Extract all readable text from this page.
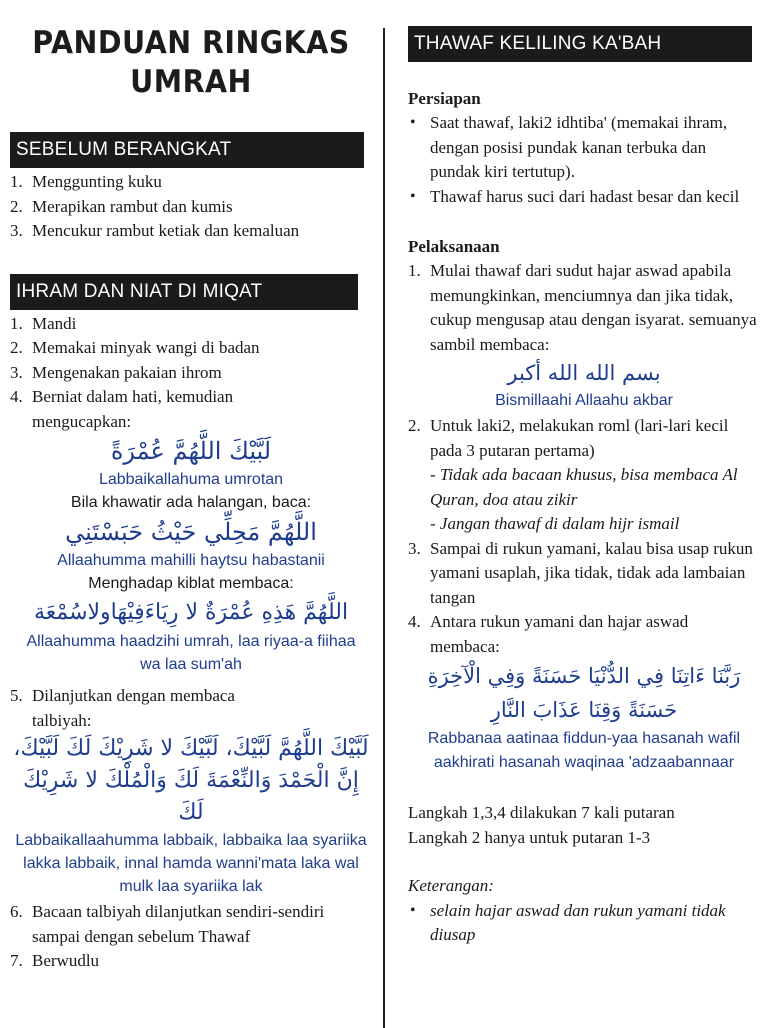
PANDUAN RINGKAS
UMRAH
SEBELUM BERANGKAT
1. Menggunting kuku
2. Merapikan rambut dan kumis
3. Mencukur rambut ketiak dan kemaluan
IHRAM DAN NIAT DI MIQAT
1. Mandi
2. Memakai minyak wangi di badan
3. Mengenakan pakaian ihrom
4. Berniat dalam hati, kemudian mengucapkan:
لَبَّيْكَ اللَّهُمَّ عُمْرَةً
Labbaikallahuma umrotan
Bila khawatir ada halangan, baca:
اللَّهُمَّ مَحِلِّي حَيْثُ حَبَسْتَنِي
Allaahumma mahilli haytsu habastanii
Menghadap kiblat membaca:
اللَّهُمَّ هَذِهِ عُمْرَةٌ لا رِيَاءَفِيْهَاولاسُمْعَة
Allaahumma haadzihi umrah, laa riyaa-a fiihaa wa laa sum'ah
5. Dilanjutkan dengan membaca talbiyah:
لَبَّيْكَ اللَّهُمَّ لَبَّيْكَ، لَبَّيْكَ لا شَرِيْكَ لَكَ لَبَّيْكَ، إِنَّ الْحَمْدَ وَالنِّعْمَةَ لَكَ وَالْمُلْكَ لا شَرِيْكَ لَكَ
Labbaikallaahumma labbaik, labbaika laa syariika lakka labbaik, innal hamda wanni'mata laka wal mulk laa syariika lak
6. Bacaan talbiyah dilanjutkan sendiri-sendiri sampai dengan sebelum Thawaf
7. Berwudlu
THAWAF KELILING KA'BAH
Persiapan
• Saat thawaf, laki2 idhtiba' (memakai ihram, dengan posisi pundak kanan terbuka dan pundak kiri tertutup).
• Thawaf harus suci dari hadast besar dan kecil
Pelaksanaan
1. Mulai thawaf dari sudut hajar aswad apabila memungkinkan, menciumnya dan jika tidak, cukup mengusap atau dengan isyarat. semuanya sambil membaca:
بسم الله الله أكبر
Bismillaahi Allaahu akbar
2. Untuk laki2, melakukan roml (lari-lari kecil pada 3 putaran pertama)
- Tidak ada bacaan khusus, bisa membaca Al Quran, doa atau zikir
- Jangan thawaf di dalam hijr ismail
3. Sampai di rukun yamani, kalau bisa usap rukun yamani usaplah, jika tidak, tidak ada lambaian tangan
4. Antara rukun yamani dan hajar aswad membaca:
رَبَّنَا ءَاتِنَا فِي الدُّنْيَا حَسَنَةً وَفِي الْآخِرَةِ حَسَنَةً وَقِنَا عَذَابَ النَّارِ
Rabbanaa aatinaa fiddun-yaa hasanah wafil aakhirati hasanah waqinaa 'adzaabannaar
Langkah 1,3,4 dilakukan 7 kali putaran
Langkah 2 hanya untuk putaran 1-3
Keterangan:
• selain hajar aswad dan rukun yamani tidak diusap
